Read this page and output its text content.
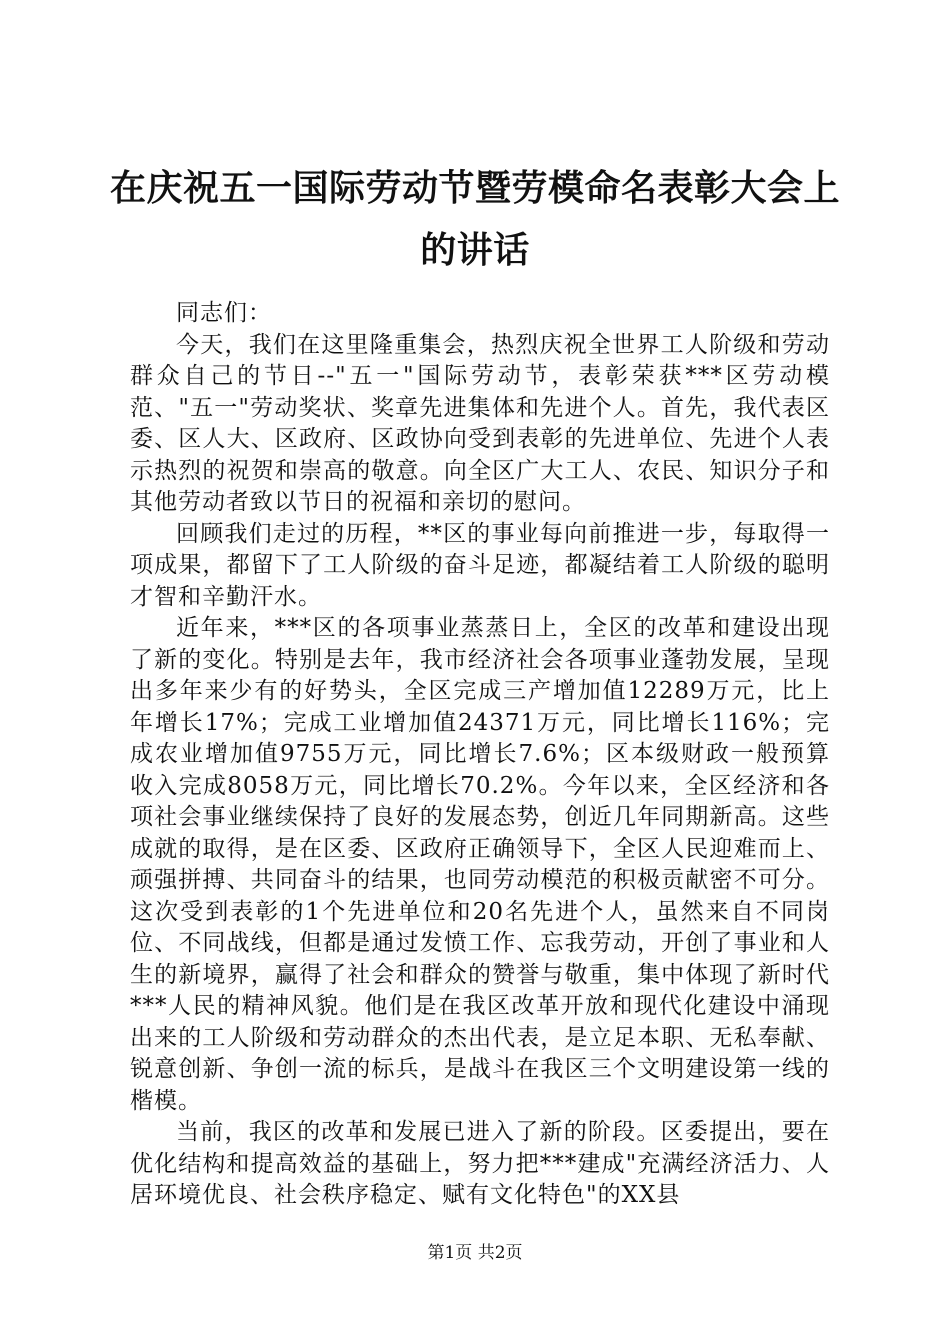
在庆祝五一国际劳动节暨劳模命名表彰大会上的讲话

同志们：

今天，我们在这里隆重集会，热烈庆祝全世界工人阶级和劳动群众自己的节日--"五一"国际劳动节，表彰荣获***区劳动模范、"五一"劳动奖状、奖章先进集体和先进个人。首先，我代表区委、区人大、区政府、区政协向受到表彰的先进单位、先进个人表示热烈的祝贺和崇高的敬意。向全区广大工人、农民、知识分子和其他劳动者致以节日的祝福和亲切的慰问。

回顾我们走过的历程，**区的事业每向前推进一步，每取得一项成果，都留下了工人阶级的奋斗足迹，都凝结着工人阶级的聪明才智和辛勤汗水。

近年来，***区的各项事业蒸蒸日上，全区的改革和建设出现了新的变化。特别是去年，我市经济社会各项事业蓬勃发展，呈现出多年来少有的好势头，全区完成三产增加值12289万元，比上年增长17%；完成工业增加值24371万元，同比增长116%；完成农业增加值9755万元，同比增长7.6%；区本级财政一般预算收入完成8058万元，同比增长70.2%。今年以来，全区经济和各项社会事业继续保持了良好的发展态势，创近几年同期新高。这些成就的取得，是在区委、区政府正确领导下，全区人民迎难而上、顽强拼搏、共同奋斗的结果，也同劳动模范的积极贡献密不可分。这次受到表彰的1个先进单位和20名先进个人，虽然来自不同岗位、不同战线，但都是通过发愤工作、忘我劳动，开创了事业和人生的新境界，赢得了社会和群众的赞誉与敬重，集中体现了新时代***人民的精神风貌。他们是在我区改革开放和现代化建设中涌现出来的工人阶级和劳动群众的杰出代表，是立足本职、无私奉献、锐意创新、争创一流的标兵，是战斗在我区三个文明建设第一线的楷模。

当前，我区的改革和发展已进入了新的阶段。区委提出，要在优化结构和提高效益的基础上，努力把***建成"充满经济活力、人居环境优良、社会秩序稳定、赋有文化特色"的XX县

第1页 共2页
